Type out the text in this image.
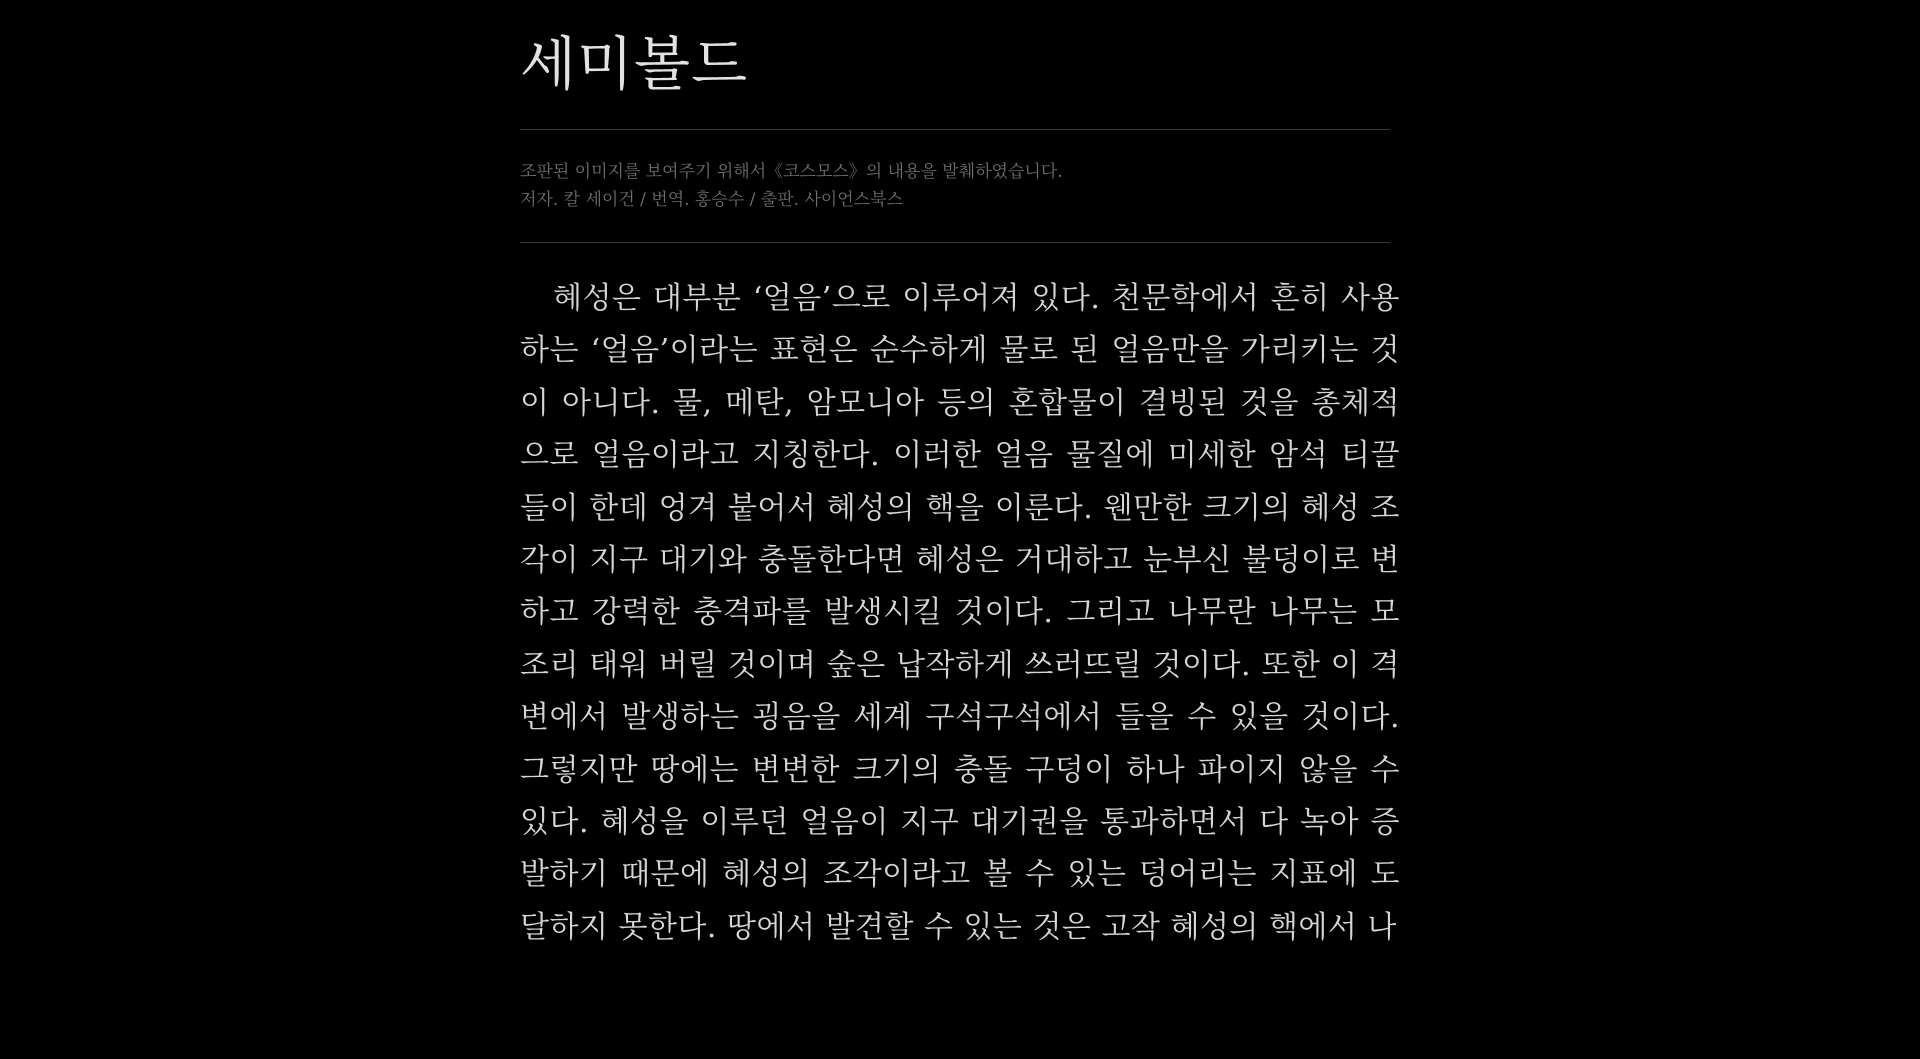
세미볼드
조판된 이미지를 보여주기 위해서《코스모스》의 내용을 발췌하였습니다.
저자. 칼 세이건 / 번역. 홍승수 / 출판. 사이언스북스

혜성은 대부분 ‘얼음’으로 이루어져 있다. 천문학에서 흔히 사용하는 ‘얼음’이라는 표현은 순수하게 물로 된 얼음만을 가리키는 것이 아니다. 물, 메탄, 암모니아 등의 혼합물이 결빙된 것을 총체적으로 얼음이라고 지칭한다. 이러한 얼음 물질에 미세한 암석 티끌들이 한데 엉겨 붙어서 혜성의 핵을 이룬다. 웬만한 크기의 혜성 조각이 지구 대기와 충돌한다면 혜성은 거대하고 눈부신 불덩이로 변하고 강력한 충격파를 발생시킬 것이다. 그리고 나무란 나무는 모조리 태워 버릴 것이며 숲은 납작하게 쓰러뜨릴 것이다. 또한 이 격변에서 발생하는 굉음을 세계 구석구석에서 들을 수 있을 것이다. 그렇지만 땅에는 변변한 크기의 충돌 구덩이 하나 파이지 않을 수 있다. 혜성을 이루던 얼음이 지구 대기권을 통과하면서 다 녹아 증발하기 때문에 혜성의 조각이라고 볼 수 있는 덩어리는 지표에 도달하지 못한다. 땅에서 발견할 수 있는 것은 고작 혜성의 핵에서 나
